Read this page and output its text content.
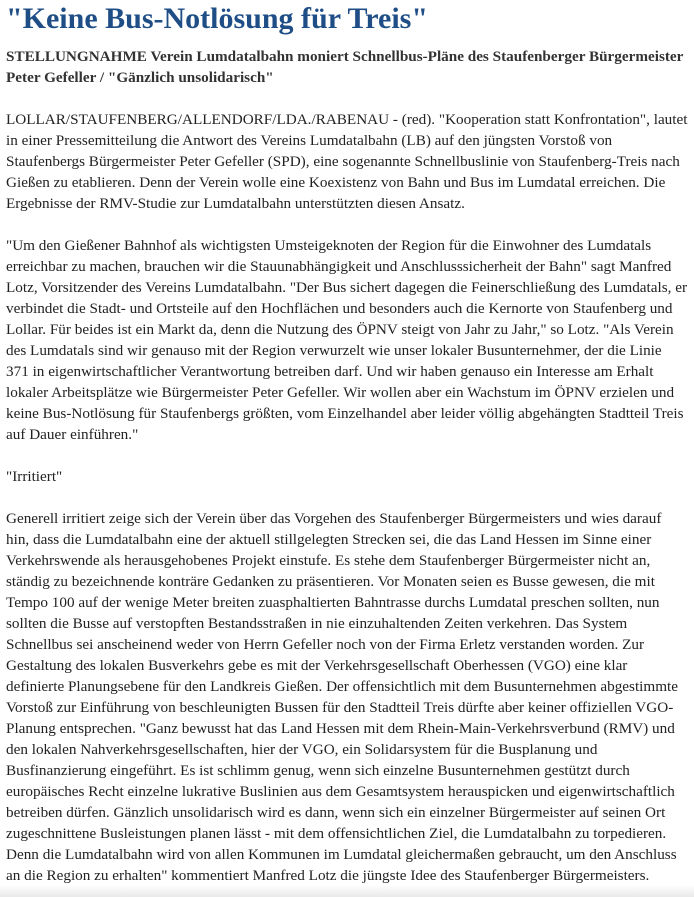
"Keine Bus-Notlösung für Treis"

STELLUNGNAHME Verein Lumdatalbahn moniert Schnellbus-Pläne des Staufenberger Bürgermeister Peter Gefeller / "Gänzlich unsolidarisch"

LOLLAR/STAUFENBERG/ALLENDORF/LDA./RABENAU - (red). "Kooperation statt Konfrontation", lautet in einer Pressemitteilung die Antwort des Vereins Lumdatalbahn (LB) auf den jüngsten Vorstoß von Staufenbergs Bürgermeister Peter Gefeller (SPD), eine sogenannte Schnellbuslinie von Staufenberg-Treis nach Gießen zu etablieren. Denn der Verein wolle eine Koexistenz von Bahn und Bus im Lumdatal erreichen. Die Ergebnisse der RMV-Studie zur Lumdatalbahn unterstützten diesen Ansatz.

"Um den Gießener Bahnhof als wichtigsten Umsteigeknoten der Region für die Einwohner des Lumdatals erreichbar zu machen, brauchen wir die Stauunabhängigkeit und Anschlusssicherheit der Bahn" sagt Manfred Lotz, Vorsitzender des Vereins Lumdatalbahn. "Der Bus sichert dagegen die Feinerschließung des Lumdatals, er verbindet die Stadt- und Ortsteile auf den Hochflächen und besonders auch die Kernorte von Staufenberg und Lollar. Für beides ist ein Markt da, denn die Nutzung des ÖPNV steigt von Jahr zu Jahr," so Lotz. "Als Verein des Lumdatals sind wir genauso mit der Region verwurzelt wie unser lokaler Busunternehmer, der die Linie 371 in eigenwirtschaftlicher Verantwortung betreiben darf. Und wir haben genauso ein Interesse am Erhalt lokaler Arbeitsplätze wie Bürgermeister Peter Gefeller. Wir wollen aber ein Wachstum im ÖPNV erzielen und keine Bus-Notlösung für Staufenbergs größten, vom Einzelhandel aber leider völlig abgehängten Stadtteil Treis auf Dauer einführen."

"Irritiert"

Generell irritiert zeige sich der Verein über das Vorgehen des Staufenberger Bürgermeisters und wies darauf hin, dass die Lumdatalbahn eine der aktuell stillgelegten Strecken sei, die das Land Hessen im Sinne einer Verkehrswende als herausgehobenes Projekt einstufe. Es stehe dem Staufenberger Bürgermeister nicht an, ständig zu bezeichnende konträre Gedanken zu präsentieren. Vor Monaten seien es Busse gewesen, die mit Tempo 100 auf der wenige Meter breiten zuasphaltierten Bahntrasse durchs Lumdatal preschen sollten, nun sollten die Busse auf verstopften Bestandsstraßen in nie einzuhaltenden Zeiten verkehren. Das System Schnellbus sei anscheinend weder von Herrn Gefeller noch von der Firma Erletz verstanden worden. Zur Gestaltung des lokalen Busverkehrs gebe es mit der Verkehrsgesellschaft Oberhessen (VGO) eine klar definierte Planungsebene für den Landkreis Gießen. Der offensichtlich mit dem Busunternehmen abgestimmte Vorstoß zur Einführung von beschleunigten Bussen für den Stadtteil Treis dürfte aber keiner offiziellen VGO-Planung entsprechen. "Ganz bewusst hat das Land Hessen mit dem Rhein-Main-Verkehrsverbund (RMV) und den lokalen Nahverkehrsgesellschaften, hier der VGO, ein Solidarsystem für die Busplanung und Busfinanzierung eingeführt. Es ist schlimm genug, wenn sich einzelne Busunternehmen gestützt durch europäisches Recht einzelne lukrative Buslinien aus dem Gesamtsystem herauspicken und eigenwirtschaftlich betreiben dürfen. Gänzlich unsolidarisch wird es dann, wenn sich ein einzelner Bürgermeister auf seinen Ort zugeschnittene Busleistungen planen lässt - mit dem offensichtlichen Ziel, die Lumdatalbahn zu torpedieren. Denn die Lumdatalbahn wird von allen Kommunen im Lumdatal gleichermaßen gebraucht, um den Anschluss an die Region zu erhalten" kommentiert Manfred Lotz die jüngste Idee des Staufenberger Bürgermeisters.
